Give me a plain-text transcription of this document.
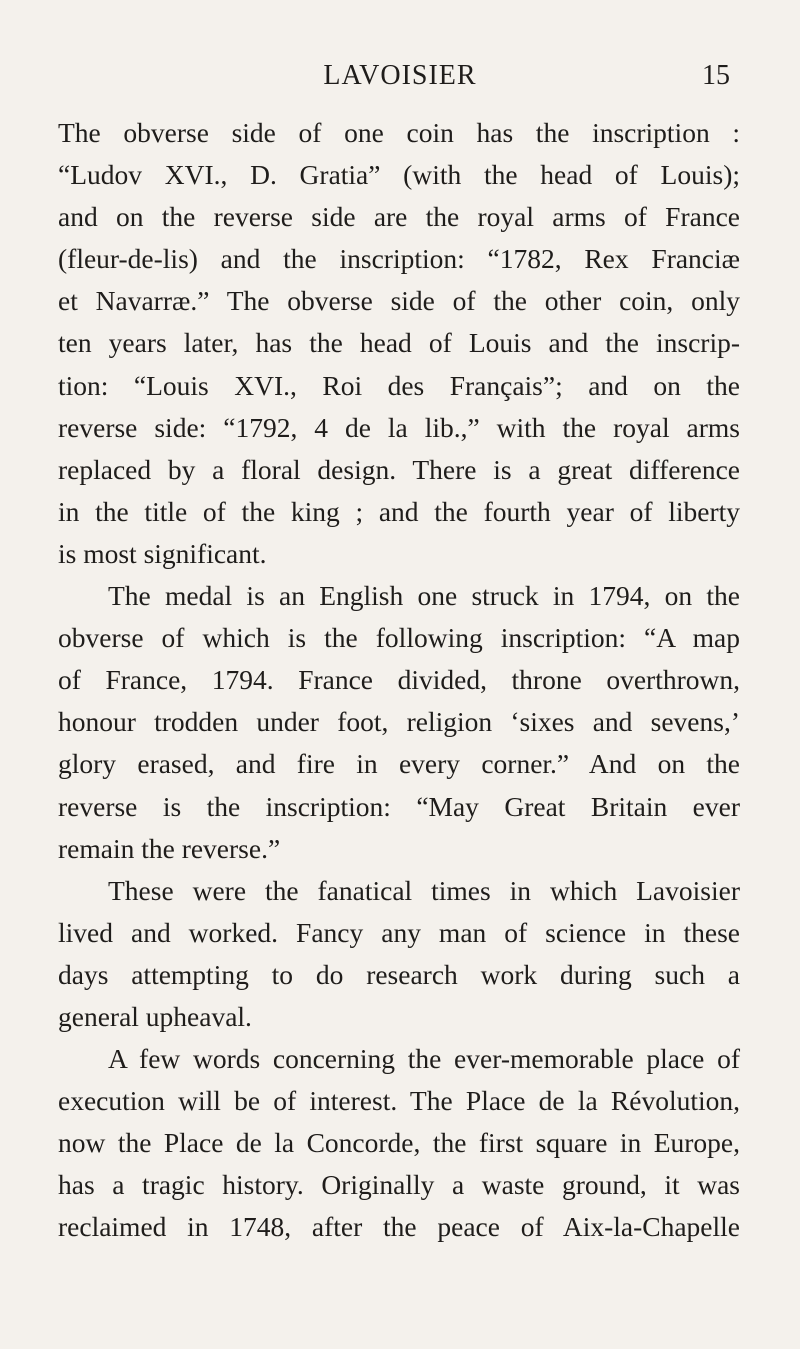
LAVOISIER	15
The obverse side of one coin has the inscription :
“Ludov XVI., D. Gratia” (with the head of Louis);
and on the reverse side are the royal arms of France
(fleur-de-lis) and the inscription: “1782, Rex Franciæ
et Navarræ.” The obverse side of the other coin, only
ten years later, has the head of Louis and the inscrip-
tion: “Louis XVI., Roi des Français”; and on the
reverse side: “1792, 4 de la lib.,” with the royal arms
replaced by a floral design. There is a great difference
in the title of the king ; and the fourth year of liberty
is most significant.
The medal is an English one struck in 1794, on the
obverse of which is the following inscription: “A map
of France, 1794. France divided, throne overthrown,
honour trodden under foot, religion ‘sixes and sevens,’
glory erased, and fire in every corner.” And on the
reverse is the inscription: “May Great Britain ever
remain the reverse.”
These were the fanatical times in which Lavoisier
lived and worked. Fancy any man of science in these
days attempting to do research work during such a
general upheaval.
A few words concerning the ever-memorable place of
execution will be of interest. The Place de la Révolution,
now the Place de la Concorde, the first square in Europe,
has a tragic history. Originally a waste ground, it was
reclaimed in 1748, after the peace of Aix-la-Chapelle
